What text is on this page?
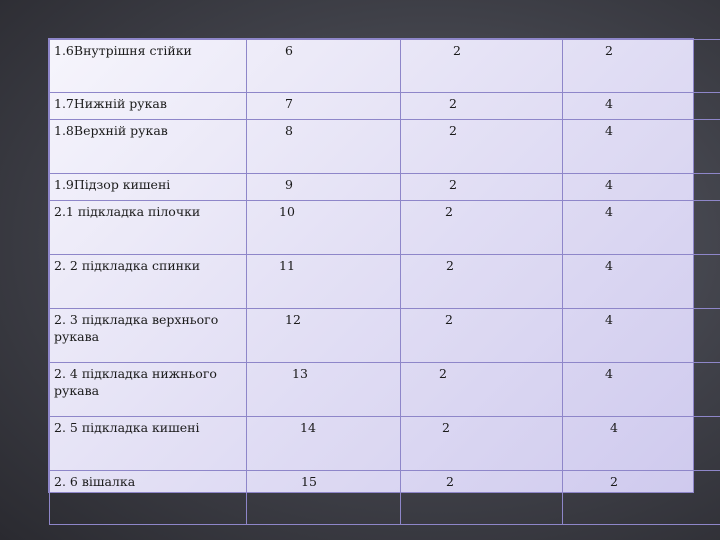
1.6Внутрішня стійки	6	2	2

1.7Нижній рукав	7	2	4

1.8Верхній рукав	8	2	4

1.9Підзор кишені	9	2	4

2.1 підкладка пілочки	10	2	4

2. 2 підкладка спинки	11	2	4

2. 3 підкладка верхнього рукава	12	2	4

2. 4 підкладка нижнього рукава	13	2	4

2. 5 підкладка кишені	14	2	4

2. 6 вішалка	15	2	2
